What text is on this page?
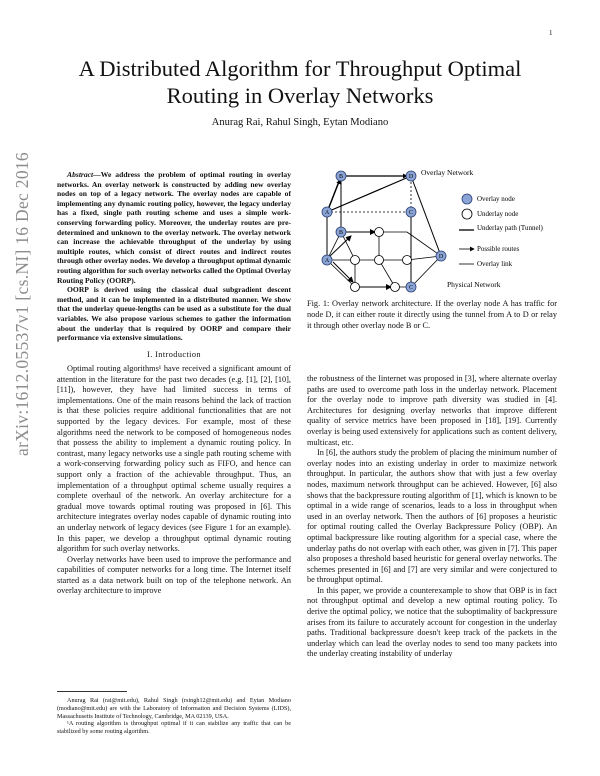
1
arXiv:1612.05537v1 [cs.NI] 16 Dec 2016
A Distributed Algorithm for Throughput Optimal Routing in Overlay Networks
Anurag Rai, Rahul Singh, Eytan Modiano

Abstract—We address the problem of optimal routing in overlay networks. An overlay network is constructed by adding new overlay nodes on top of a legacy network. The overlay nodes are capable of implementing any dynamic routing policy, however, the legacy underlay has a fixed, single path routing scheme and uses a simple work-conserving forwarding policy. Moreover, the underlay routes are pre-determined and unknown to the overlay network. The overlay network can increase the achievable throughput of the underlay by using multiple routes, which consist of direct routes and indirect routes through other overlay nodes. We develop a throughput optimal dynamic routing algorithm for such overlay networks called the Optimal Overlay Routing Policy (OORP).

OORP is derived using the classical dual subgradient descent method, and it can be implemented in a distributed manner. We show that the underlay queue-lengths can be used as a substitute for the dual variables. We also propose various schemes to gather the information about the underlay that is required by OORP and compare their performance via extensive simulations.

I. Introduction

Optimal routing algorithms¹ have received a significant amount of attention in the literature for the past two decades (e.g. [1], [2], [10], [11]), however, they have had limited success in terms of implementations. One of the main reasons behind the lack of traction is that these policies require additional functionalities that are not supported by the legacy devices. For example, most of these algorithms need the network to be composed of homogeneous nodes that possess the ability to implement a dynamic routing policy. In contrast, many legacy networks use a single path routing scheme with a work-conserving forwarding policy such as FIFO, and hence can support only a fraction of the achievable throughput. Thus, an implementation of a throughput optimal scheme usually requires a complete overhaul of the network. An overlay architecture for a gradual move towards optimal routing was proposed in [6]. This architecture integrates overlay nodes capable of dynamic routing into an underlay network of legacy devices (see Figure 1 for an example). In this paper, we develop a throughput optimal dynamic routing algorithm for such overlay networks.

Overlay networks have been used to improve the performance and capabilities of computer networks for a long time. The Internet itself started as a data network built on top of the telephone network. An overlay architecture to improve

Anurag Rai (rai@mit.edu), Rahul Singh (rsingh12@mit.edu) and Eytan Modiano (modiano@mit.edu) are with the Laboratory of Information and Decision Systems (LIDS), Massachusetts Institute of Technology, Cambridge, MA 02139, USA.

¹A routing algorithm is throughput optimal if it can stabilize any traffic that can be stabilized by some routing algorithm.

B	D
A	C
B
A
C
D
Overlay Network
Physical Network
Overlay node
Underlay node
Underlay path (Tunnel)
Possible routes
Overlay link
Fig. 1: Overlay network architecture. If the overlay node A has traffic for node D, it can either route it directly using the tunnel from A to D or relay it through other overlay node B or C.

the robustness of the Iinternet was proposed in [3], where alternate overlay paths are used to overcome path loss in the underlay network. Placement for the overlay node to improve path diversity was studied in [4]. Architectures for designing overlay networks that improve different quality of service metrics have been proposed in [18], [19]. Currently overlay is being used extensively for applications such as content delivery, multicast, etc.

In [6], the authors study the problem of placing the minimum number of overlay nodes into an existing underlay in order to maximize network throughput. In particular, the authors show that with just a few overlay nodes, maximum network throughput can be achieved. However, [6] also shows that the backpressure routing algorithm of [1], which is known to be optimal in a wide range of scenarios, leads to a loss in throughput when used in an overlay network. Then the authors of [6] proposes a heuristic for optimal routing called the Overlay Backpressure Policy (OBP). An optimal backpressure like routing algorithm for a special case, where the underlay paths do not overlap with each other, was given in [7]. This paper also proposes a threshold based heuristic for general overlay networks. The schemes presented in [6] and [7] are very similar and were conjectured to be throughput optimal.

In this paper, we provide a counterexample to show that OBP is in fact not throughput optimal and develop a new optimal routing policy. To derive the optimal policy, we notice that the suboptimality of backpressure arises from its failure to accurately account for congestion in the underlay paths. Traditional backpressure doesn't keep track of the packets in the underlay which can lead the overlay nodes to send too many packets into the underlay creating instability of underlay
